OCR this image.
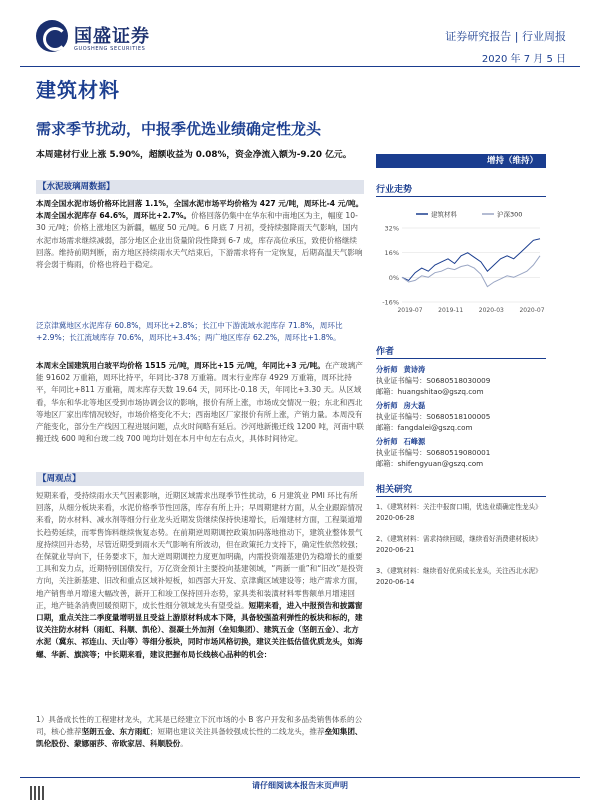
国盛证券
GUOSHENG SECURITIES
证券研究报告 | 行业周报
2020 年 7 月 5 日
建筑材料
需求季节扰动，中报季优选业绩确定性龙头
本周建材行业上涨 5.90%，超额收益为 0.08%，资金净流入额为-9.20 亿元。
【水泥玻璃周数据】
本周全国水泥市场价格环比回落 1.1%，全国水泥市场平均价格为 427 元/吨，周环比-4 元/吨。本周全国水泥库存 64.6%，周环比+2.7%。价格回落仍集中在华东和中南地区为主，幅度 10-30 元/吨；价格上涨地区为新疆，幅度 50 元/吨。6 月底 7 月初，受持续强降雨天气影响，国内水泥市场需求继续减弱，部分地区企业出货量阶段性降到 6-7 成，库存高位承压，致使价格继续回落。维持前期判断，南方地区持续雨水天气结束后，下游需求将有一定恢复，后期高温天气影响将会弱于梅雨，价格也将趋于稳定。
泛京津冀地区水泥库存 60.8%，周环比+2.8%；长江中下游流域水泥库存 71.8%，周环比+2.9%；长江流域库存 70.6%，周环比+3.4%；两广地区库存 62.2%，周环比+1.8%。
本周末全国建筑用白玻平均价格 1515 元/吨，周环比+15 元/吨，年同比+3 元/吨。在产玻璃产能 91602 万重箱，周环比持平，年同比-378 万重箱。周末行业库存 4929 万重箱，周环比持平，年同比+811 万重箱，周末库存天数 19.64 天，同环比-0.18 天，年同比+3.30 天。从区域看，华东和华北等地区受到市场协调会议的影响，报价有所上涨，市场成交情况一般；东北和西北等地区厂家出库情况较好，市场价格变化不大；西南地区厂家报价有所上涨，产销力量。本周没有产能变化，部分生产线因工程进展问题，点火时间略有延后。沙河地新搬迁线 1200 吨，河南中联搬迁线 600 吨和台玻二线 700 吨均计划在本月中旬左右点火，具体时间待定。
【周观点】
短期来看，受持续雨水天气因素影响，近期区域需求出现季节性扰动，6 月建筑业 PMI 环比有所回落，从细分板块来看，水泥价格季节性回落，库存有所上升；早周期建材方面，从全业跟踪情况来看，防水材料、减水剂等细分行业龙头近期发货继续保持快速增长，后端建材方面，工程渠道增长趋势延续，而零售饰料继续恢复态势。在前期逆周期调控政策加码落地推动下，建筑业整体景气度持续回升态势，尽管近期受到雨水天气影响有所波动，但在政策托力支持下，确定性依然较强；在保就业导向下，任务要求下，加大逆周期调控力度更加明确，内需投资端基建仍为稳增长的重要工具和发力点，近期特别国债发行，万亿资金预计主要投向基建领域，“两新一重”和“旧改”是投资方向，关注新基建、旧改和重点区域补短板，如西部大开发、京津冀区域建设等；地产需求方面，地产销售单月增速大幅改善，新开工和竣工保持回升态势，家具类和装潢材料零售额单月增速回正，地产链条消费回暖预期下，成长性细分领域龙头有望受益。短期来看，进入中报预告和披露窗口期，重点关注二季度量增明显且受益上游原材料成本下降，具备较强盈利弹性的板块和标的，建议关注防水材料（雨虹、科顺、凯伦）、混凝土外加剂（垒知集团）、建筑五金（坚朗五金）、北方水泥（冀东、祁连山、天山等）等细分板块，同时市场风格切换，建议关注低估值优质龙头，如海螺、华新、旗滨等；中长期来看，建议把握布局长线核心品种的机会：
1）具备成长性的工程建材龙头，尤其是已经建立下沉市场的小 B 客户开发和多品类销售体系的公司，核心推荐坚朗五金、东方雨虹；短期也建议关注具备较强成长性的二线龙头，推荐垒知集团、凯伦股份、蒙娜丽莎、帝欧家居、科顺股份。
增持（维持）
行业走势
32%
16%
0%
-16%
2019-07	2019-11	2020-03	2020-07
建筑材料	沪深300
作者
分析师 黄诗涛
执业证书编号：S0680518030009
邮箱：huangshitao@gszq.com
分析师 房大磊
执业证书编号：S0680518100005
邮箱：fangdalei@gszq.com
分析师 石峰源
执业证书编号：S0680519080001
邮箱：shifengyuan@gszq.com
相关研究
1、《建筑材料：关注中报窗口期，优选业绩确定性龙头》
2020-06-28
2、《建筑材料：需求持续回暖，继续看好消费建材板块》
2020-06-21
3、《建筑材料：继续看好优质成长龙头，关注西北水泥》
2020-06-14
请仔细阅读本报告末页声明
